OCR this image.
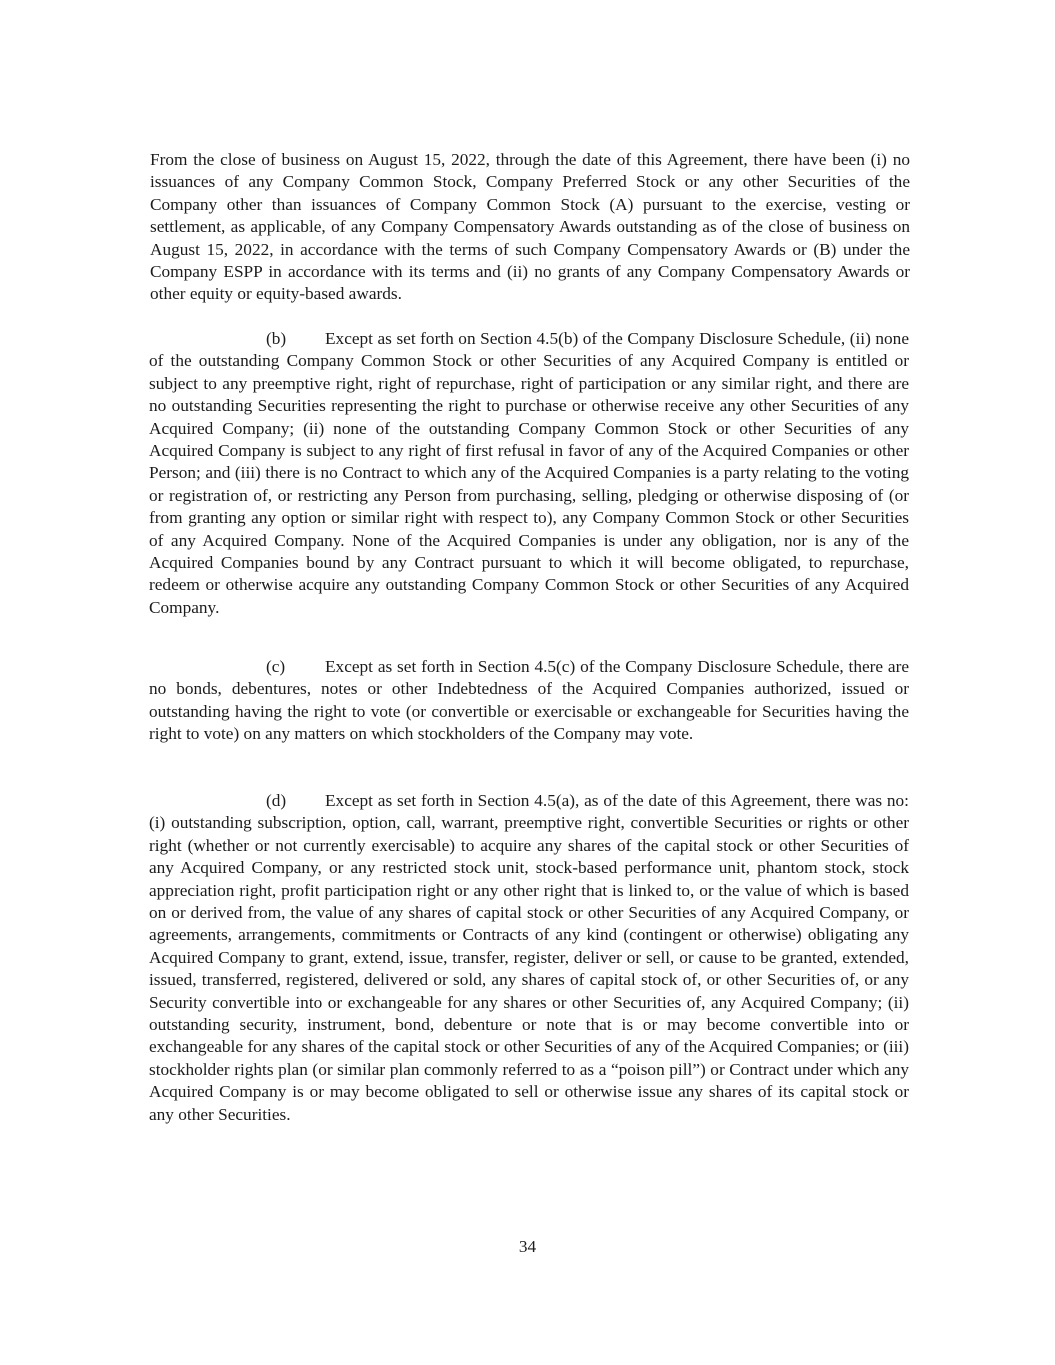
From the close of business on August 15, 2022, through the date of this Agreement, there have been (i) no issuances of any Company Common Stock, Company Preferred Stock or any other Securities of the Company other than issuances of Company Common Stock (A) pursuant to the exercise, vesting or settlement, as applicable, of any Company Compensatory Awards outstanding as of the close of business on August 15, 2022, in accordance with the terms of such Company Compensatory Awards or (B) under the Company ESPP in accordance with its terms and (ii) no grants of any Company Compensatory Awards or other equity or equity-based awards.

(b) Except as set forth on Section 4.5(b) of the Company Disclosure Schedule, (ii) none of the outstanding Company Common Stock or other Securities of any Acquired Company is entitled or subject to any preemptive right, right of repurchase, right of participation or any similar right, and there are no outstanding Securities representing the right to purchase or otherwise receive any other Securities of any Acquired Company; (ii) none of the outstanding Company Common Stock or other Securities of any Acquired Company is subject to any right of first refusal in favor of any of the Acquired Companies or other Person; and (iii) there is no Contract to which any of the Acquired Companies is a party relating to the voting or registration of, or restricting any Person from purchasing, selling, pledging or otherwise disposing of (or from granting any option or similar right with respect to), any Company Common Stock or other Securities of any Acquired Company. None of the Acquired Companies is under any obligation, nor is any of the Acquired Companies bound by any Contract pursuant to which it will become obligated, to repurchase, redeem or otherwise acquire any outstanding Company Common Stock or other Securities of any Acquired Company.

(c) Except as set forth in Section 4.5(c) of the Company Disclosure Schedule, there are no bonds, debentures, notes or other Indebtedness of the Acquired Companies authorized, issued or outstanding having the right to vote (or convertible or exercisable or exchangeable for Securities having the right to vote) on any matters on which stockholders of the Company may vote.

(d) Except as set forth in Section 4.5(a), as of the date of this Agreement, there was no: (i) outstanding subscription, option, call, warrant, preemptive right, convertible Securities or rights or other right (whether or not currently exercisable) to acquire any shares of the capital stock or other Securities of any Acquired Company, or any restricted stock unit, stock-based performance unit, phantom stock, stock appreciation right, profit participation right or any other right that is linked to, or the value of which is based on or derived from, the value of any shares of capital stock or other Securities of any Acquired Company, or agreements, arrangements, commitments or Contracts of any kind (contingent or otherwise) obligating any Acquired Company to grant, extend, issue, transfer, register, deliver or sell, or cause to be granted, extended, issued, transferred, registered, delivered or sold, any shares of capital stock of, or other Securities of, or any Security convertible into or exchangeable for any shares or other Securities of, any Acquired Company; (ii) outstanding security, instrument, bond, debenture or note that is or may become convertible into or exchangeable for any shares of the capital stock or other Securities of any of the Acquired Companies; or (iii) stockholder rights plan (or similar plan commonly referred to as a “poison pill”) or Contract under which any Acquired Company is or may become obligated to sell or otherwise issue any shares of its capital stock or any other Securities.

34
